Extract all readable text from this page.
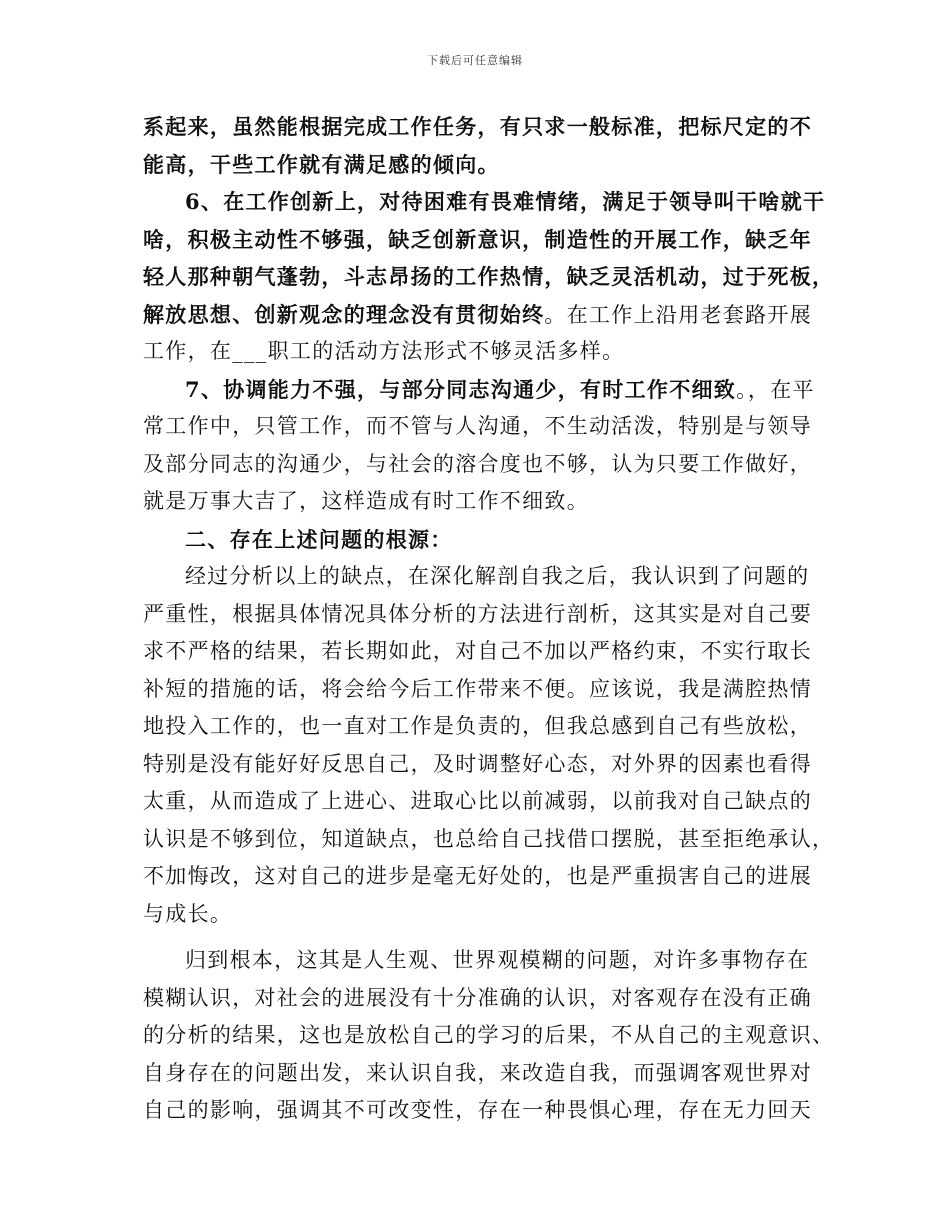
下载后可任意编辑
系起来，虽然能根据完成工作任务，有只求一般标准，把标尺定的不
能高，干些工作就有满足感的倾向。
6、在工作创新上，对待困难有畏难情绪，满足于领导叫干啥就干
啥，积极主动性不够强，缺乏创新意识，制造性的开展工作，缺乏年
轻人那种朝气蓬勃，斗志昂扬的工作热情，缺乏灵活机动，过于死板，
解放思想、创新观念的理念没有贯彻始终。在工作上沿用老套路开展
工作，在___职工的活动方法形式不够灵活多样。
7、协调能力不强，与部分同志沟通少，有时工作不细致。，在平
常工作中，只管工作，而不管与人沟通，不生动活泼，特别是与领导
及部分同志的沟通少，与社会的溶合度也不够，认为只要工作做好，
就是万事大吉了，这样造成有时工作不细致。
二、存在上述问题的根源：
经过分析以上的缺点，在深化解剖自我之后，我认识到了问题的
严重性，根据具体情况具体分析的方法进行剖析，这其实是对自己要
求不严格的结果，若长期如此，对自己不加以严格约束，不实行取长
补短的措施的话，将会给今后工作带来不便。应该说，我是满腔热情
地投入工作的，也一直对工作是负责的，但我总感到自己有些放松，
特别是没有能好好反思自己，及时调整好心态，对外界的因素也看得
太重，从而造成了上进心、进取心比以前减弱，以前我对自己缺点的
认识是不够到位，知道缺点，也总给自己找借口摆脱，甚至拒绝承认，
不加悔改，这对自己的进步是毫无好处的，也是严重损害自己的进展
与成长。
归到根本，这其是人生观、世界观模糊的问题，对许多事物存在
模糊认识，对社会的进展没有十分准确的认识，对客观存在没有正确
的分析的结果，这也是放松自己的学习的后果，不从自己的主观意识、
自身存在的问题出发，来认识自我，来改造自我，而强调客观世界对
自己的影响，强调其不可改变性，存在一种畏惧心理，存在无力回天
